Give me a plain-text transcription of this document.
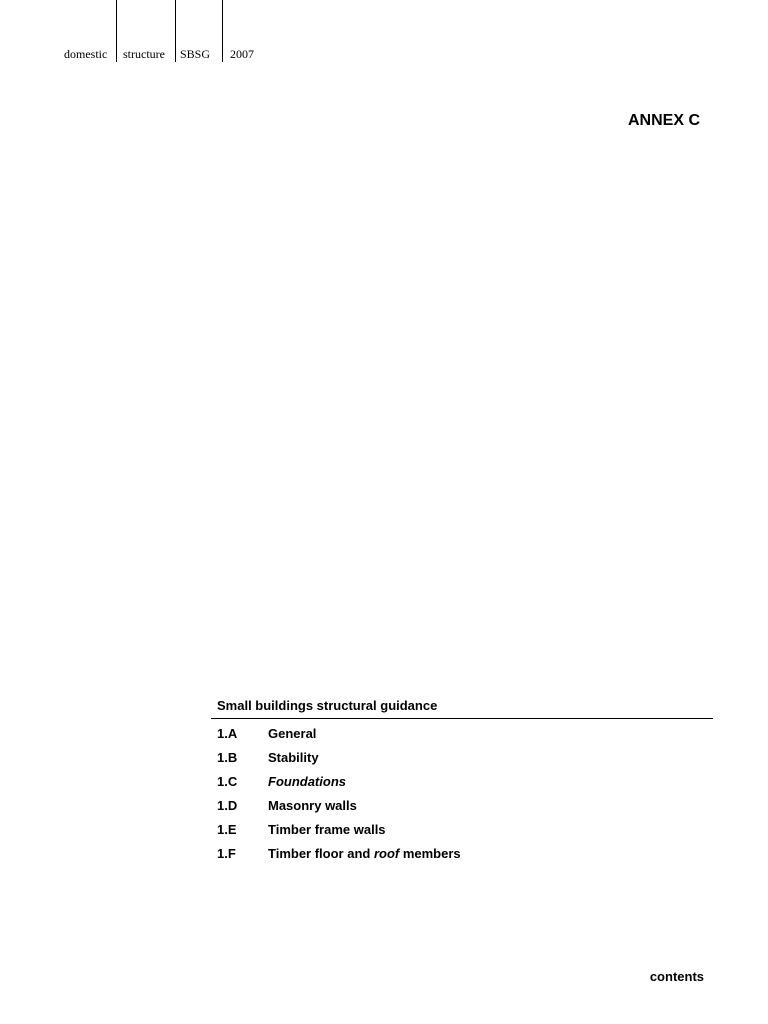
domestic structure SBSG 2007
ANNEX C
Small buildings structural guidance
1.A	General
1.B	Stability
1.C	Foundations
1.D	Masonry walls
1.E	Timber frame walls
1.F	Timber floor and roof members
contents
